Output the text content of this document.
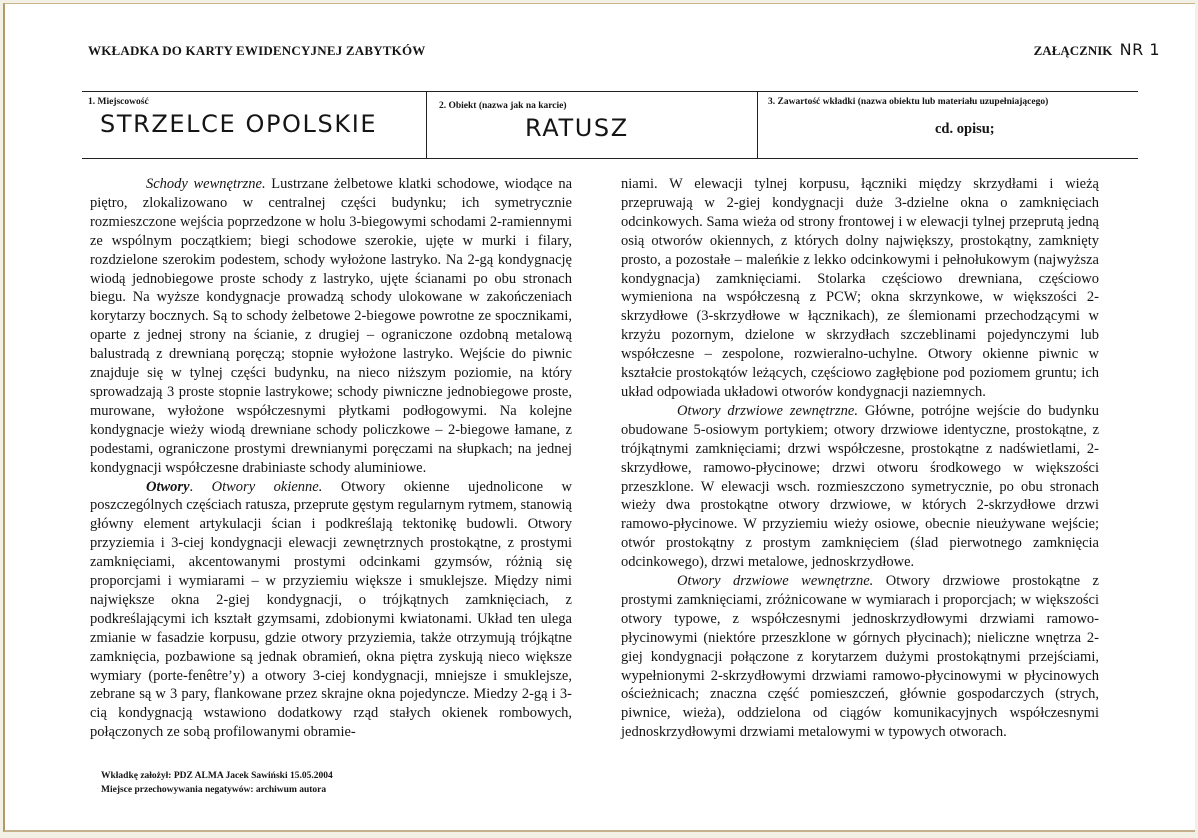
WKŁADKA DO KARTY EWIDENCYJNEJ ZABYTKÓW	ZAŁĄCZNIK NR 1
1. Miejscowość
STRZELCE OPOLSKIE
2. Obiekt (nazwa jak na karcie)
RATUSZ
3. Zawartość wkładki (nazwa obiektu lub materiału uzupełniającego)
cd. opisu;

Schody wewnętrzne. Lustrzane żelbetowe klatki schodowe, wiodące na piętro, zlokalizowano w centralnej części budynku; ich symetrycznie rozmieszczone wejścia poprzedzone w holu 3-biegowymi schodami 2-ramiennymi ze wspólnym początkiem; biegi schodowe szerokie, ujęte w murki i filary, rozdzielone szerokim podestem, schody wyłożone lastryko. Na 2-gą kondygnację wiodą jednobiegowe proste schody z lastryko, ujęte ścianami po obu stronach biegu. Na wyższe kondygnacje prowadzą schody ulokowane w zakończeniach korytarzy bocznych. Są to schody żelbetowe 2-biegowe powrotne ze spocznikami, oparte z jednej strony na ścianie, z drugiej – ograniczone ozdobną metalową balustradą z drewnianą poręczą; stopnie wyłożone lastryko. Wejście do piwnic znajduje się w tylnej części budynku, na nieco niższym poziomie, na który sprowadzają 3 proste stopnie lastrykowe; schody piwniczne jednobiegowe proste, murowane, wyłożone współczesnymi płytkami podłogowymi. Na kolejne kondygnacje wieży wiodą drewniane schody policzkowe – 2-biegowe łamane, z podestami, ograniczone prostymi drewnianymi poręczami na słupkach; na jednej kondygnacji współczesne drabiniaste schody aluminiowe.

Otwory. Otwory okienne. Otwory okienne ujednolicone w poszczególnych częściach ratusza, przeprute gęstym regularnym rytmem, stanowią główny element artykulacji ścian i podkreślają tektonikę budowli. Otwory przyziemia i 3-ciej kondygnacji elewacji zewnętrznych prostokątne, z prostymi zamknięciami, akcentowanymi prostymi odcinkami gzymsów, różnią się proporcjami i wymiarami – w przyziemiu większe i smuklejsze. Między nimi największe okna 2-giej kondygnacji, o trójkątnych zamknięciach, z podkreślającymi ich kształt gzymsami, zdobionymi kwiatonami. Układ ten ulega zmianie w fasadzie korpusu, gdzie otwory przyziemia, także otrzymują trójkątne zamknięcia, pozbawione są jednak obramień, okna piętra zyskują nieco większe wymiary (porte-fenêtre’y) a otwory 3-ciej kondygnacji, mniejsze i smuklejsze, zebrane są w 3 pary, flankowane przez skrajne okna pojedyncze. Miedzy 2-gą i 3-cią kondygnacją wstawiono dodatkowy rząd stałych okienek rombowych, połączonych ze sobą profilowanymi obramie-

niami. W elewacji tylnej korpusu, łączniki między skrzydłami i wieżą przepruwają w 2-giej kondygnacji duże 3-dzielne okna o zamknięciach odcinkowych. Sama wieża od strony frontowej i w elewacji tylnej przeprutą jedną osią otworów okiennych, z których dolny największy, prostokątny, zamknięty prosto, a pozostałe – maleńkie z lekko odcinkowymi i pełnołukowym (najwyższa kondygnacja) zamknięciami. Stolarka częściowo drewniana, częściowo wymieniona na współczesną z PCW; okna skrzynkowe, w większości 2-skrzydłowe (3-skrzydłowe w łącznikach), ze ślemionami przechodzącymi w krzyżu pozornym, dzielone w skrzydłach szczeblinami pojedynczymi lub współczesne – zespolone, rozwieralno-uchylne. Otwory okienne piwnic w kształcie prostokątów leżących, częściowo zagłębione pod poziomem gruntu; ich układ odpowiada układowi otworów kondygnacji naziemnych.

Otwory drzwiowe zewnętrzne. Główne, potrójne wejście do budynku obudowane 5-osiowym portykiem; otwory drzwiowe identyczne, prostokątne, z trójkątnymi zamknięciami; drzwi współczesne, prostokątne z nadświetlami, 2-skrzydłowe, ramowo-płycinowe; drzwi otworu środkowego w większości przeszklone. W elewacji wsch. rozmieszczono symetrycznie, po obu stronach wieży dwa prostokątne otwory drzwiowe, w których 2-skrzydłowe drzwi ramowo-płycinowe. W przyziemiu wieży osiowe, obecnie nieużywane wejście; otwór prostokątny z prostym zamknięciem (ślad pierwotnego zamknięcia odcinkowego), drzwi metalowe, jednoskrzydłowe.

Otwory drzwiowe wewnętrzne. Otwory drzwiowe prostokątne z prostymi zamknięciami, zróżnicowane w wymiarach i proporcjach; w większości otwory typowe, z współczesnymi jednoskrzydłowymi drzwiami ramowo-płycinowymi (niektóre przeszklone w górnych płycinach); nieliczne wnętrza 2-giej kondygnacji połączone z korytarzem dużymi prostokątnymi przejściami, wypełnionymi 2-skrzydłowymi drzwiami ramowo-płycinowymi w płycinowych ościeżnicach; znaczna część pomieszczeń, głównie gospodarczych (strych, piwnice, wieża), oddzielona od ciągów komunikacyjnych współczesnymi jednoskrzydłowymi drzwiami metalowymi w typowych otworach.

Wkładkę założył: PDZ ALMA Jacek Sawiński 15.05.2004
Miejsce przechowywania negatywów: archiwum autora
